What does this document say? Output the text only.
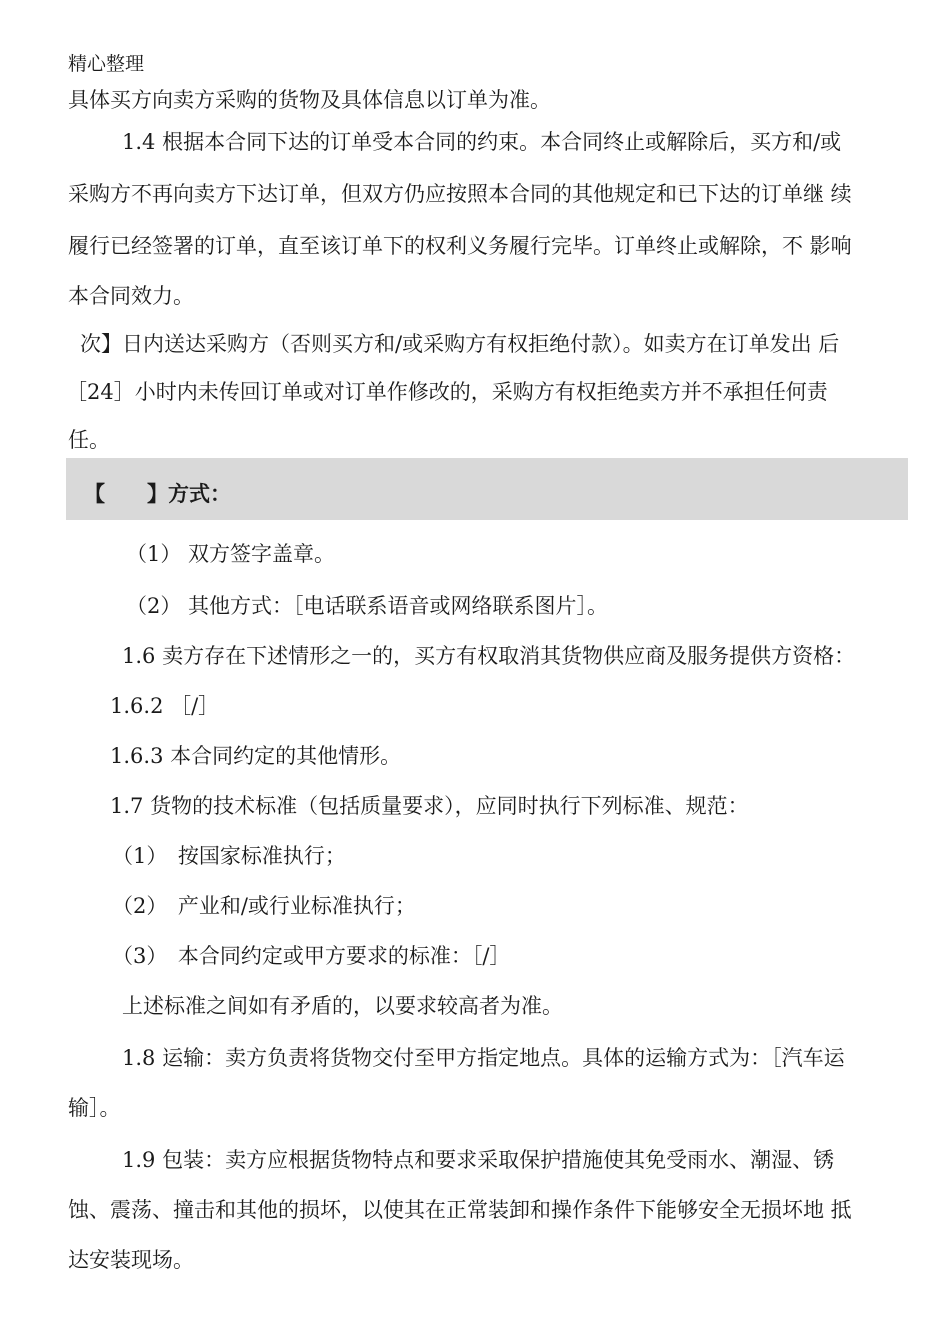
精心整理
具体买方向卖方采购的货物及具体信息以订单为准。
1.4 根据本合同下达的订单受本合同的约束。本合同终止或解除后，买方和/或
采购方不再向卖方下达订单，但双方仍应按照本合同的其他规定和已下达的订单继 续
履行已经签署的订单，直至该订单下的权利义务履行完毕。订单终止或解除，不 影响
本合同效力。
次】日内送达采购方（否则买方和/或采购方有权拒绝付款）。如卖方在订单发出 后
［24］小时内未传回订单或对订单作修改的，采购方有权拒绝卖方并不承担任何责
任。
【　　】方式：
（1） 双方签字盖章。
（2） 其他方式：［电话联系语音或网络联系图片］。
1.6 卖方存在下述情形之一的，买方有权取消其货物供应商及服务提供方资格：
1.6.2 ［/］
1.6.3 本合同约定的其他情形。
1.7 货物的技术标准（包括质量要求），应同时执行下列标准、规范：
（1）　按国家标准执行；
（2）　产业和/或行业标准执行；
（3）　本合同约定或甲方要求的标准：［/］
上述标准之间如有矛盾的，以要求较高者为准。
1.8 运输：卖方负责将货物交付至甲方指定地点。具体的运输方式为：［汽车运
输］。
1.9 包装：卖方应根据货物特点和要求采取保护措施使其免受雨水、潮湿、锈
蚀、震荡、撞击和其他的损坏，以使其在正常装卸和操作条件下能够安全无损坏地 抵
达安装现场。
